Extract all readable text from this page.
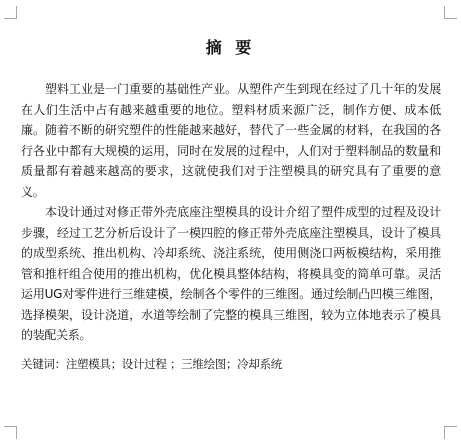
摘 要

塑料工业是一门重要的基础性产业。从塑件产生到现在经过了几十年的发展在人们生活中占有越来越重要的地位。塑料材质来源广泛，制作方便、成本低廉。随着不断的研究塑件的性能越来越好，替代了一些金属的材料，在我国的各行各业中都有大规模的运用，同时在发展的过程中，人们对于塑料制品的数量和质量都有着越来越高的要求，这就使我们对于注塑模具的研究具有了重要的意义。

本设计通过对修正带外壳底座注塑模具的设计介绍了塑件成型的过程及设计步骤，经过工艺分析后设计了一模四腔的修正带外壳底座注塑模具，设计了模具的成型系统、推出机构、冷却系统、浇注系统，使用侧浇口两板模结构，采用推管和推杆组合使用的推出机构，优化模具整体结构，将模具变的简单可靠。灵活运用UG对零件进行三维建模，绘制各个零件的三维图。通过绘制凸凹模三维图，选择模架，设计浇道，水道等绘制了完整的模具三维图，较为立体地表示了模具的装配关系。

关键词：注塑模具；设计过程 ；三维绘图；冷却系统
